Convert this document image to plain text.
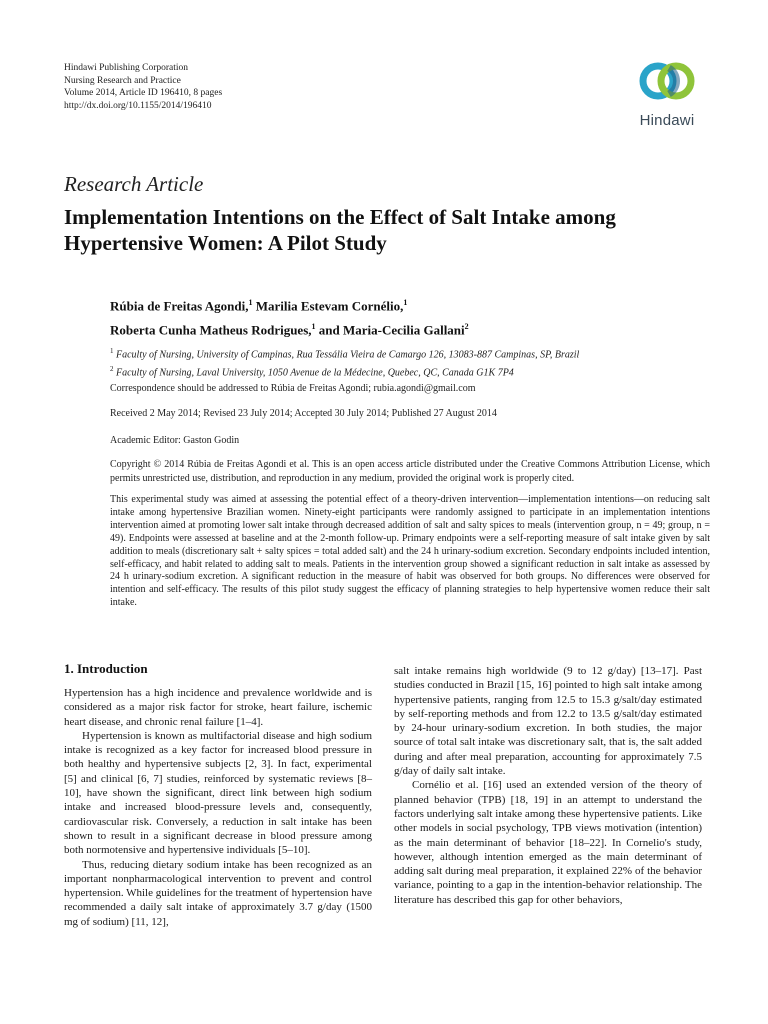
Hindawi Publishing Corporation
Nursing Research and Practice
Volume 2014, Article ID 196410, 8 pages
http://dx.doi.org/10.1155/2014/196410
Hindawi
Research Article
Implementation Intentions on the Effect of Salt Intake among Hypertensive Women: A Pilot Study
Rúbia de Freitas Agondi,$^1$ Marilia Estevam Cornélio,$^1$
Roberta Cunha Matheus Rodrigues,$^1$ and Maria-Cecilia Gallani$^2$
$^1$ Faculty of Nursing, University of Campinas, Rua Tessália Vieira de Camargo 126, 13083-887 Campinas, SP, Brazil
$^2$ Faculty of Nursing, Laval University, 1050 Avenue de la Médecine, Quebec, QC, Canada G1K 7P4
Correspondence should be addressed to Rúbia de Freitas Agondi; rubia.agondi@gmail.com
Received 2 May 2014; Revised 23 July 2014; Accepted 30 July 2014; Published 27 August 2014
Academic Editor: Gaston Godin
Copyright © 2014 Rúbia de Freitas Agondi et al. This is an open access article distributed under the Creative Commons Attribution License, which permits unrestricted use, distribution, and reproduction in any medium, provided the original work is properly cited.
This experimental study was aimed at assessing the potential effect of a theory-driven intervention—implementation intentions—on reducing salt intake among hypertensive Brazilian women. Ninety-eight participants were randomly assigned to participate in an implementation intentions intervention aimed at promoting lower salt intake through decreased addition of salt and salty spices to meals (intervention group, n = 49; group, n = 49). Endpoints were assessed at baseline and at the 2-month follow-up. Primary endpoints were a self-reporting measure of salt intake given by salt addition to meals (discretionary salt + salty spices = total added salt) and the 24 h urinary-sodium excretion. Secondary endpoints included intention, self-efficacy, and habit related to adding salt to meals. Patients in the intervention group showed a significant reduction in salt intake as assessed by 24 h urinary-sodium excretion. A significant reduction in the measure of habit was observed for both groups. No differences were observed for intention and self-efficacy. The results of this pilot study suggest the efficacy of planning strategies to help hypertensive women reduce their salt intake.
1. Introduction

Hypertension has a high incidence and prevalence worldwide and is considered as a major risk factor for stroke, heart failure, ischemic heart disease, and chronic renal failure [1–4].

Hypertension is known as multifactorial disease and high sodium intake is recognized as a key factor for increased blood pressure in both healthy and hypertensive subjects [2, 3]. In fact, experimental [5] and clinical [6, 7] studies, reinforced by systematic reviews [8–10], have shown the significant, direct link between high sodium intake and increased blood-pressure levels and, consequently, cardiovascular risk. Conversely, a reduction in salt intake has been shown to result in a significant decrease in blood pressure among both normotensive and hypertensive individuals [5–10].

Thus, reducing dietary sodium intake has been recognized as an important nonpharmacological intervention to prevent and control hypertension. While guidelines for the treatment of hypertension have recommended a daily salt intake of approximately 3.7 g/day (1500 mg of sodium) [11, 12],

salt intake remains high worldwide (9 to 12 g/day) [13–17]. Past studies conducted in Brazil [15, 16] pointed to high salt intake among hypertensive patients, ranging from 12.5 to 15.3 g/salt/day estimated by self-reporting methods and from 12.2 to 13.5 g/salt/day estimated by 24-hour urinary-sodium excretion. In both studies, the major source of total salt intake was discretionary salt, that is, the salt added during and after meal preparation, accounting for approximately 7.5 g/day of daily salt intake.

Cornélio et al. [16] used an extended version of the theory of planned behavior (TPB) [18, 19] in an attempt to understand the factors underlying salt intake among these hypertensive patients. Like other models in social psychology, TPB views motivation (intention) as the main determinant of behavior [18–22]. In Cornelio's study, however, although intention emerged as the main determinant of adding salt during meal preparation, it explained 22% of the behavior variance, pointing to a gap in the intention-behavior relationship. The literature has described this gap for other behaviors,
